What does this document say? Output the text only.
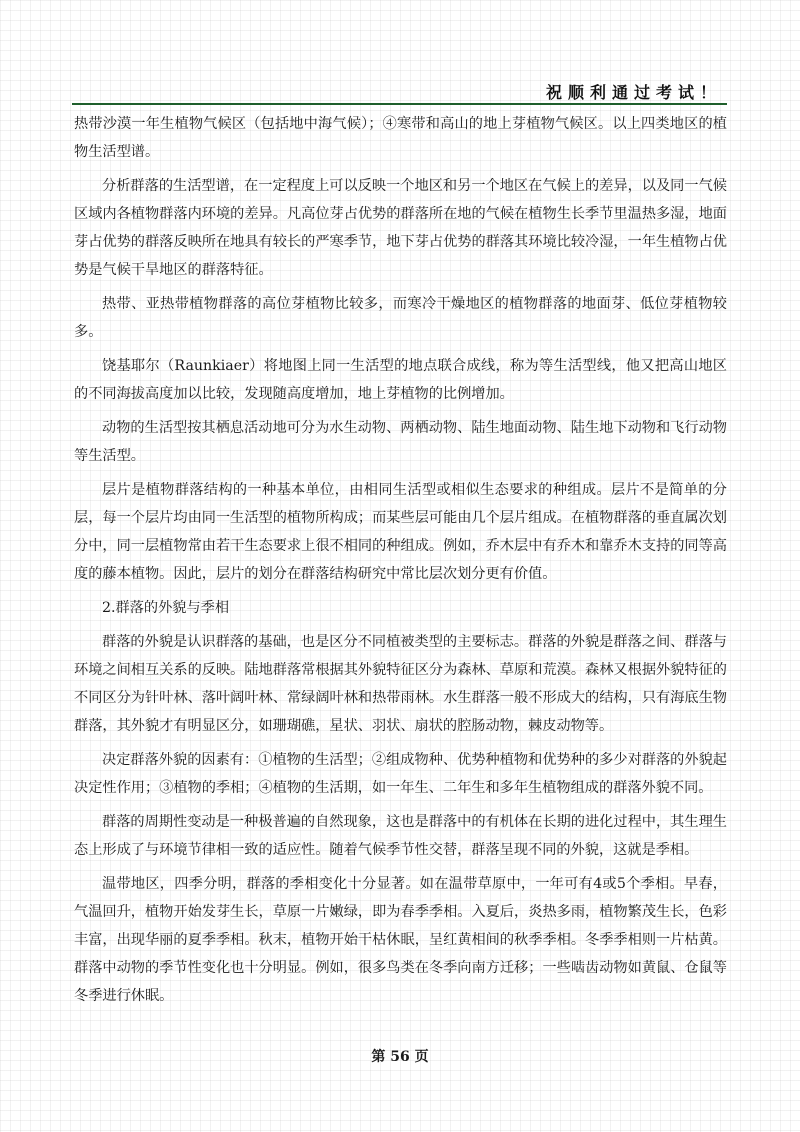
祝顺利通过考试！

热带沙漠一年生植物气候区（包括地中海气候）；④寒带和高山的地上芽植物气候区。以上四类地区的植物生活型谱。

分析群落的生活型谱，在一定程度上可以反映一个地区和另一个地区在气候上的差异，以及同一气候区域内各植物群落内环境的差异。凡高位芽占优势的群落所在地的气候在植物生长季节里温热多湿，地面芽占优势的群落反映所在地具有较长的严寒季节，地下芽占优势的群落其环境比较冷湿，一年生植物占优势是气候干旱地区的群落特征。

热带、亚热带植物群落的高位芽植物比较多，而寒冷干燥地区的植物群落的地面芽、低位芽植物较多。

饶基耶尔（Raunkiaer）将地图上同一生活型的地点联合成线，称为等生活型线，他又把高山地区的不同海拔高度加以比较，发现随高度增加，地上芽植物的比例增加。

动物的生活型按其栖息活动地可分为水生动物、两栖动物、陆生地面动物、陆生地下动物和飞行动物等生活型。

层片是植物群落结构的一种基本单位，由相同生活型或相似生态要求的种组成。层片不是简单的分层，每一个层片均由同一生活型的植物所构成；而某些层可能由几个层片组成。在植物群落的垂直属次划分中，同一层植物常由若干生态要求上很不相同的种组成。例如，乔木层中有乔木和靠乔木支持的同等高度的藤本植物。因此，层片的划分在群落结构研究中常比层次划分更有价值。

2.群落的外貌与季相

群落的外貌是认识群落的基础，也是区分不同植被类型的主要标志。群落的外貌是群落之间、群落与环境之间相互关系的反映。陆地群落常根据其外貌特征区分为森林、草原和荒漠。森林又根据外貌特征的不同区分为针叶林、落叶阔叶林、常绿阔叶林和热带雨林。水生群落一般不形成大的结构，只有海底生物群落，其外貌才有明显区分，如珊瑚礁，星状、羽状、扇状的腔肠动物，棘皮动物等。

决定群落外貌的因素有：①植物的生活型；②组成物种、优势种植物和优势种的多少对群落的外貌起决定性作用；③植物的季相；④植物的生活期，如一年生、二年生和多年生植物组成的群落外貌不同。

群落的周期性变动是一种极普遍的自然现象，这也是群落中的有机体在长期的进化过程中，其生理生态上形成了与环境节律相一致的适应性。随着气候季节性交替，群落呈现不同的外貌，这就是季相。

温带地区，四季分明，群落的季相变化十分显著。如在温带草原中，一年可有4或5个季相。早春，气温回升，植物开始发芽生长，草原一片嫩绿，即为春季季相。入夏后，炎热多雨，植物繁茂生长，色彩丰富，出现华丽的夏季季相。秋末，植物开始干枯休眠，呈红黄相间的秋季季相。冬季季相则一片枯黄。群落中动物的季节性变化也十分明显。例如，很多鸟类在冬季向南方迁移；一些啮齿动物如黄鼠、仓鼠等冬季进行休眠。

第 56 页
